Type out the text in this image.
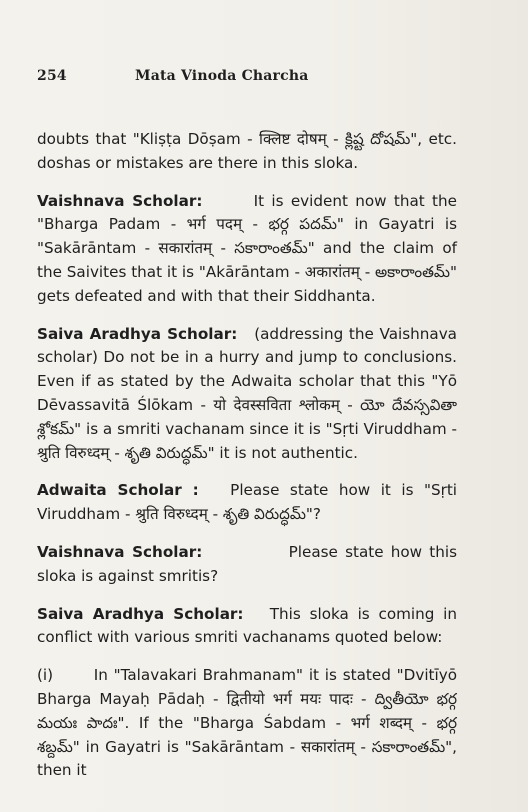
254	Mata Vinoda Charcha

doubts that "Kliṣṭa Dōṣam - क्लिष्ट दोषम् - క్లిష్ట దోషమ్", etc. doshas or mistakes are there in this sloka.

Vaishnava Scholar:	It is evident now that the "Bharga Padam - भर्ग पदम् - భర్గ పదమ్" in Gayatri is "Sakārāntam - सकारांतम् - సకారాంతమ్" and the claim of the Saivites that it is "Akārāntam - अकारांतम् - అకారాంతమ్" gets defeated and with that their Siddhanta.

Saiva Aradhya Scholar: (addressing the Vaishnava scholar) Do not be in a hurry and jump to conclusions. Even if as stated by the Adwaita scholar that this "Yō Dēvassavitā Ślōkam - यो देवस्सविता श्लोकम् - యో దేవస్సవితా శ్లోకమ్" is a smriti vachanam since it is "Sṛti Viruddham - श्रुति विरुध्दम् - శృతి విరుద్ధమ్" it is not authentic.

Adwaita Scholar : Please state how it is "Sṛti Viruddham - श्रुति विरुध्दम् - శృతి విరుద్ధమ్"?

Vaishnava Scholar:	Please state how this sloka is against smritis?

Saiva Aradhya Scholar: This sloka is coming in conflict with various smriti vachanams quoted below:

(i)	In "Talavakari Brahmanam" it is stated "Dvitīyō Bharga Mayaḥ Pādaḥ - द्वितीयो भर्ग मयः पादः - ద్వితీయో భర్గ మయః పాదః". If the "Bharga Śabdam - भर्ग शब्दम् - భర్గ శబ్దమ్" in Gayatri is "Sakārāntam - सकारांतम् - సకారాంతమ్", then it
